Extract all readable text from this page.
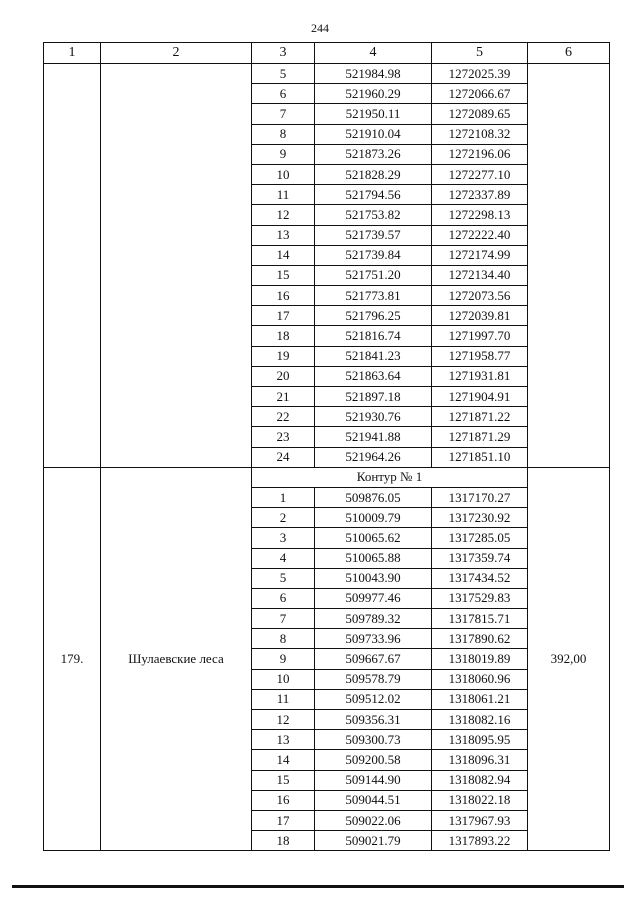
244
1	2	3	4	5	6
		5	521984.98	1272025.39	
		6	521960.29	1272066.67	
		7	521950.11	1272089.65	
		8	521910.04	1272108.32	
		9	521873.26	1272196.06	
		10	521828.29	1272277.10	
		11	521794.56	1272337.89	
		12	521753.82	1272298.13	
		13	521739.57	1272222.40	
		14	521739.84	1272174.99	
		15	521751.20	1272134.40	
		16	521773.81	1272073.56	
		17	521796.25	1272039.81	
		18	521816.74	1271997.70	
		19	521841.23	1271958.77	
		20	521863.64	1271931.81	
		21	521897.18	1271904.91	
		22	521930.76	1271871.22	
		23	521941.88	1271871.29	
		24	521964.26	1271851.10	
179.	Шулаевские леса	Контур № 1			392,00
		1	509876.05	1317170.27	
		2	510009.79	1317230.92	
		3	510065.62	1317285.05	
		4	510065.88	1317359.74	
		5	510043.90	1317434.52	
		6	509977.46	1317529.83	
		7	509789.32	1317815.71	
		8	509733.96	1317890.62	
		9	509667.67	1318019.89	
		10	509578.79	1318060.96	
		11	509512.02	1318061.21	
		12	509356.31	1318082.16	
		13	509300.73	1318095.95	
		14	509200.58	1318096.31	
		15	509144.90	1318082.94	
		16	509044.51	1318022.18	
		17	509022.06	1317967.93	
		18	509021.79	1317893.22	
